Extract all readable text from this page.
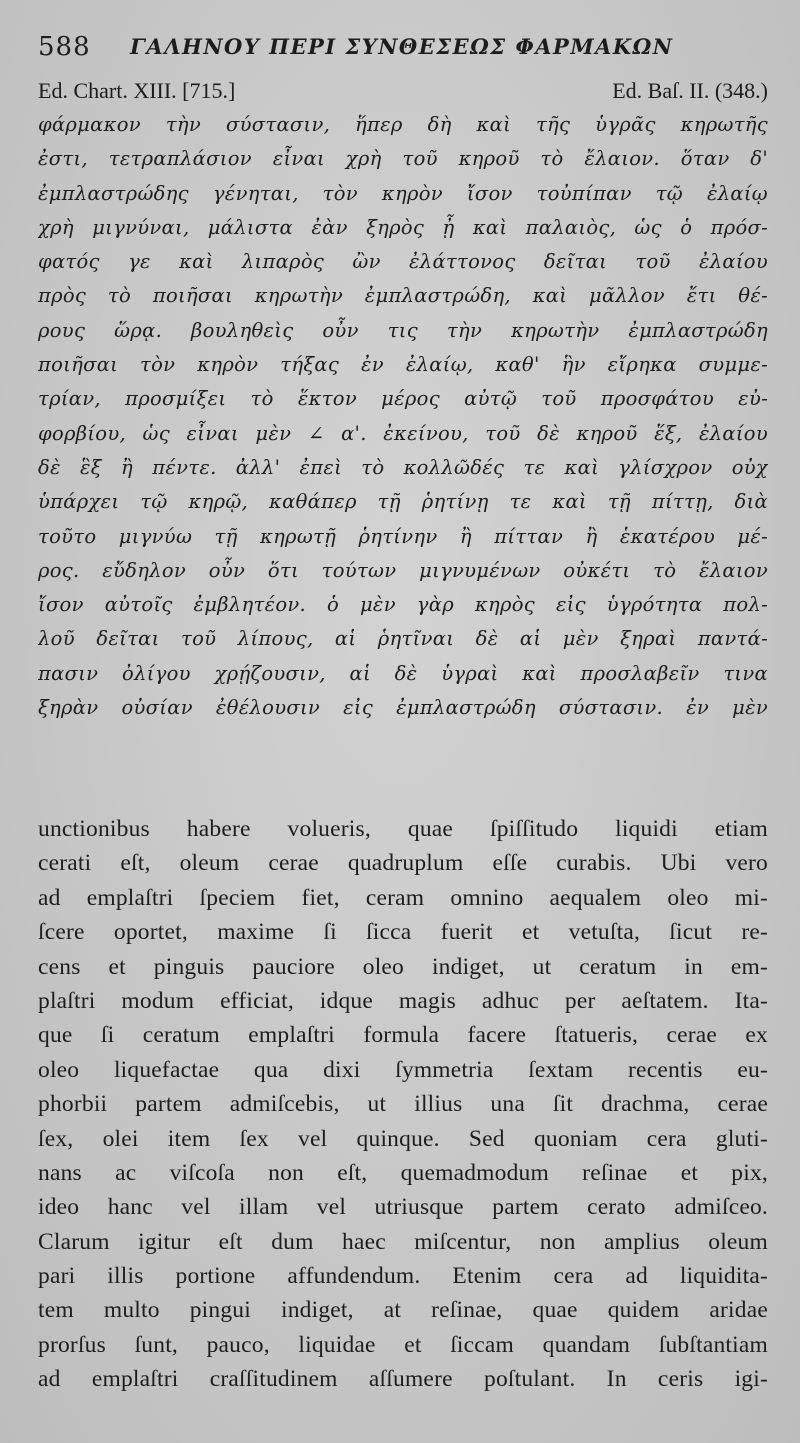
588 ΓΑΛΗΝΟΥ ΠΕΡΙ ΣΥΝΘΕΣΕΩΣ ΦΑΡΜΑΚΩΝ
Ed. Chart. XIII. [715.]	Ed. Baſ. II. (348.)
φάρμακον τὴν σύστασιν, ἥπερ δὴ καὶ τῆς ὑγρᾶς κηρωτῆς
ἐστι, τετραπλάσιον εἶναι χρὴ τοῦ κηροῦ τὸ ἔλαιον. ὅταν δ'
ἐμπλαστρώδης γένηται, τὸν κηρὸν ἴσον τοὐπίπαν τῷ ἐλαίῳ
χρὴ μιγνύναι, μάλιστα ἐὰν ξηρὸς ᾖ καὶ παλαιὸς, ὡς ὁ πρόσ-
φατός γε καὶ λιπαρὸς ὢν ἐλάττονος δεῖται τοῦ ἐλαίου
πρὸς τὸ ποιῆσαι κηρωτὴν ἐμπλαστρώδη, καὶ μᾶλλον ἔτι θέ-
ρους ὥρᾳ. βουληθεὶς οὖν τις τὴν κηρωτὴν ἐμπλαστρώδη
ποιῆσαι τὸν κηρὸν τήξας ἐν ἐλαίῳ, καθ' ἣν εἴρηκα συμμε-
τρίαν, προσμίξει τὸ ἕκτον μέρος αὐτῷ τοῦ προσφάτου εὐ-
φορβίου, ὡς εἶναι μὲν ∠ α'. ἐκείνου, τοῦ δὲ κηροῦ ἕξ, ἐλαίου
δὲ ἓξ ἢ πέντε. ἀλλ' ἐπεὶ τὸ κολλῶδές τε καὶ γλίσχρον οὐχ
ὑπάρχει τῷ κηρῷ, καθάπερ τῇ ῥητίνῃ τε καὶ τῇ πίττῃ, διὰ
τοῦτο μιγνύω τῇ κηρωτῇ ῥητίνην ἢ πίτταν ἢ ἑκατέρου μέ-
ρος. εὔδηλον οὖν ὅτι τούτων μιγνυμένων οὐκέτι τὸ ἔλαιον
ἴσον αὐτοῖς ἐμβλητέον. ὁ μὲν γὰρ κηρὸς εἰς ὑγρότητα πολ-
λοῦ δεῖται τοῦ λίπους, αἱ ῥητῖναι δὲ αἱ μὲν ξηραὶ παντά-
πασιν ὀλίγου χρῄζουσιν, αἱ δὲ ὑγραὶ καὶ προσλαβεῖν τινα
ξηρὰν οὐσίαν ἐθέλουσιν εἰς ἐμπλαστρώδη σύστασιν. ἐν μὲν
unctionibus habere volueris, quae ſpiſſitudo liquidi etiam
cerati eſt, oleum cerae quadruplum eſſe curabis. Ubi vero
ad emplaſtri ſpeciem fiet, ceram omnino aequalem oleo mi-
ſcere oportet, maxime ſi ſicca fuerit et vetuſta, ſicut re-
cens et pinguis pauciore oleo indiget, ut ceratum in em-
plaſtri modum efficiat, idque magis adhuc per aeſtatem. Ita-
que ſi ceratum emplaſtri formula facere ſtatueris, cerae ex
oleo liquefactae qua dixi ſymmetria ſextam recentis eu-
phorbii partem admiſcebis, ut illius una ſit drachma, cerae
ſex, olei item ſex vel quinque. Sed quoniam cera gluti-
nans ac viſcoſa non eſt, quemadmodum reſinae et pix,
ideo hanc vel illam vel utriusque partem cerato admiſceo.
Clarum igitur eſt dum haec miſcentur, non amplius oleum
pari illis portione affundendum. Etenim cera ad liquidita-
tem multo pingui indiget, at reſinae, quae quidem aridae
prorſus ſunt, pauco, liquidae et ſiccam quandam ſubſtantiam
ad emplaſtri craſſitudinem aſſumere poſtulant. In ceris igi-
